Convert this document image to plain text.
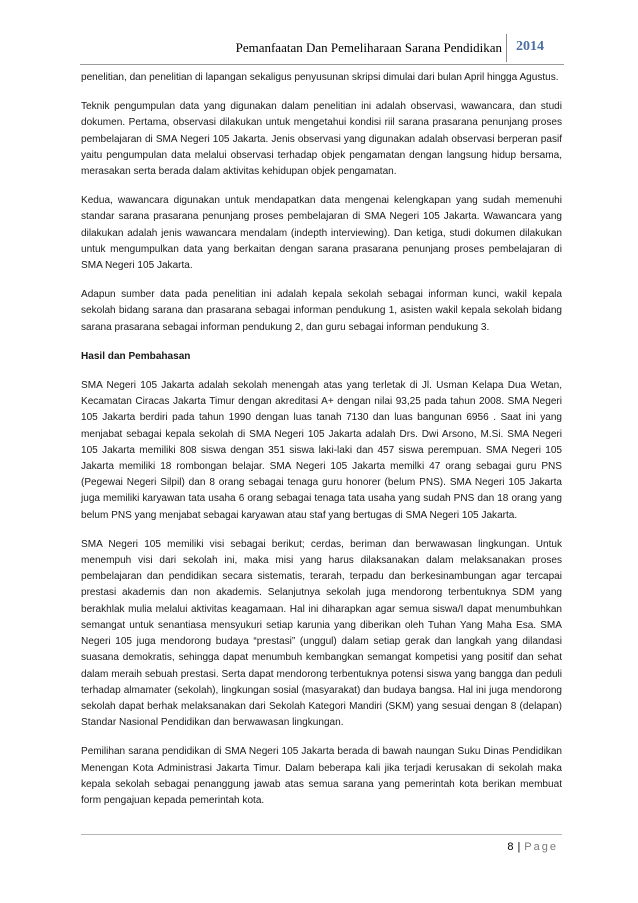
Pemanfaatan Dan Pemeliharaan Sarana Pendidikan 2014

penelitian, dan penelitian di lapangan sekaligus penyusunan skripsi dimulai dari bulan April hingga Agustus.

Teknik pengumpulan data yang digunakan dalam penelitian ini adalah observasi, wawancara, dan studi dokumen. Pertama, observasi dilakukan untuk mengetahui kondisi riil sarana prasarana penunjang proses pembelajaran di SMA Negeri 105 Jakarta. Jenis observasi yang digunakan adalah observasi berperan pasif yaitu pengumpulan data melalui observasi terhadap objek pengamatan dengan langsung hidup bersama, merasakan serta berada dalam aktivitas kehidupan objek pengamatan.

Kedua, wawancara digunakan untuk mendapatkan data mengenai kelengkapan yang sudah memenuhi standar sarana prasarana penunjang proses pembelajaran di SMA Negeri 105 Jakarta. Wawancara yang dilakukan adalah jenis wawancara mendalam (indepth interviewing). Dan ketiga, studi dokumen dilakukan untuk mengumpulkan data yang berkaitan dengan sarana prasarana penunjang proses pembelajaran di SMA Negeri 105 Jakarta.

Adapun sumber data pada penelitian ini adalah kepala sekolah sebagai informan kunci, wakil kepala sekolah bidang sarana dan prasarana sebagai informan pendukung 1, asisten wakil kepala sekolah bidang sarana prasarana sebagai informan pendukung 2, dan guru sebagai informan pendukung 3.

Hasil dan Pembahasan

SMA Negeri 105 Jakarta adalah sekolah menengah atas yang terletak di Jl. Usman Kelapa Dua Wetan, Kecamatan Ciracas Jakarta Timur dengan akreditasi A+ dengan nilai 93,25 pada tahun 2008. SMA Negeri 105 Jakarta berdiri pada tahun 1990 dengan luas tanah 7130 dan luas bangunan 6956 . Saat ini yang menjabat sebagai kepala sekolah di SMA Negeri 105 Jakarta adalah Drs. Dwi Arsono, M.Si. SMA Negeri 105 Jakarta memiliki 808 siswa dengan 351 siswa laki-laki dan 457 siswa perempuan. SMA Negeri 105 Jakarta memiliki 18 rombongan belajar. SMA Negeri 105 Jakarta memilki 47 orang sebagai guru PNS (Pegewai Negeri Silpil) dan 8 orang sebagai tenaga guru honorer (belum PNS). SMA Negeri 105 Jakarta juga memiliki karyawan tata usaha 6 orang sebagai tenaga tata usaha yang sudah PNS dan 18 orang yang belum PNS yang menjabat sebagai karyawan atau staf yang bertugas di SMA Negeri 105 Jakarta.

SMA Negeri 105 memiliki visi sebagai berikut; cerdas, beriman dan berwawasan lingkungan. Untuk menempuh visi dari sekolah ini, maka misi yang harus dilaksanakan dalam melaksanakan proses pembelajaran dan pendidikan secara sistematis, terarah, terpadu dan berkesinambungan agar tercapai prestasi akademis dan non akademis. Selanjutnya sekolah juga mendorong terbentuknya SDM yang berakhlak mulia melalui aktivitas keagamaan. Hal ini diharapkan agar semua siswa/I dapat menumbuhkan semangat untuk senantiasa mensyukuri setiap karunia yang diberikan oleh Tuhan Yang Maha Esa. SMA Negeri 105 juga mendorong budaya “prestasi” (unggul) dalam setiap gerak dan langkah yang dilandasi suasana demokratis, sehingga dapat menumbuh kembangkan semangat kompetisi yang positif dan sehat dalam meraih sebuah prestasi. Serta dapat mendorong terbentuknya potensi siswa yang bangga dan peduli terhadap almamater (sekolah), lingkungan sosial (masyarakat) dan budaya bangsa. Hal ini juga mendorong sekolah dapat berhak melaksanakan dari Sekolah Kategori Mandiri (SKM) yang sesuai dengan 8 (delapan) Standar Nasional Pendidikan dan berwawasan lingkungan.

Pemilihan sarana pendidikan di SMA Negeri 105 Jakarta berada di bawah naungan Suku Dinas Pendidikan Menengan Kota Administrasi Jakarta Timur. Dalam beberapa kali jika terjadi kerusakan di sekolah maka kepala sekolah sebagai penanggung jawab atas semua sarana yang pemerintah kota berikan membuat form pengajuan kepada pemerintah kota.

8 | Page
